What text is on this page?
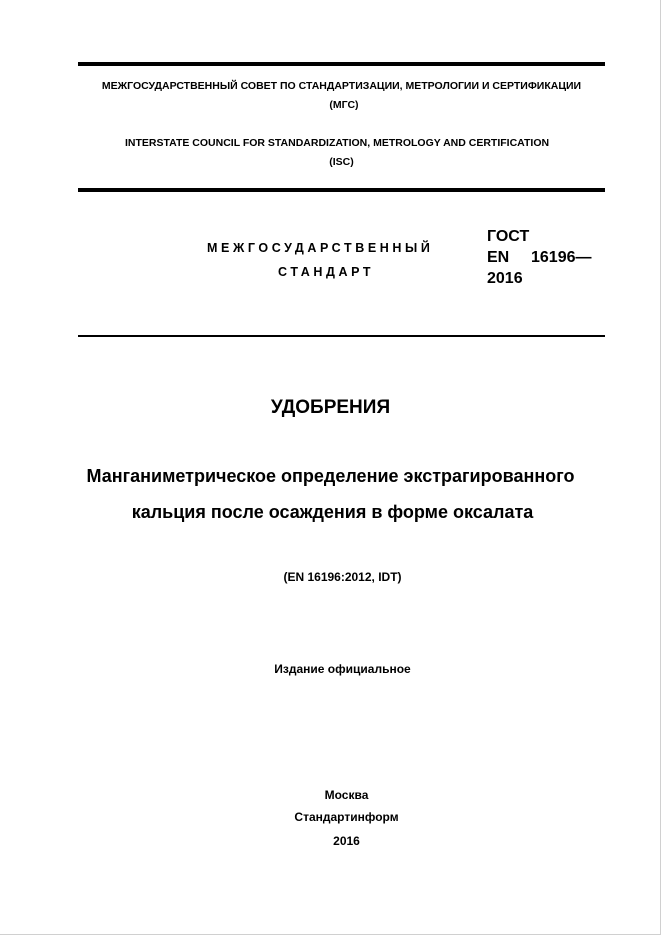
МЕЖГОСУДАРСТВЕННЫЙ СОВЕТ ПО СТАНДАРТИЗАЦИИ, МЕТРОЛОГИИ И СЕРТИФИКАЦИИ
(МГС)
INTERSTATE COUNCIL FOR STANDARDIZATION, METROLOGY AND CERTIFICATION
(ISC)
МЕЖГОСУДАРСТВЕННЫЙ
СТАНДАРТ
ГОСТ
EN 16196—
2016
УДОБРЕНИЯ
Манганиметрическое определение экстрагированного
кальция после осаждения в форме оксалата
(EN 16196:2012, IDT)
Издание официальное
Москва
Стандартинформ
2016
